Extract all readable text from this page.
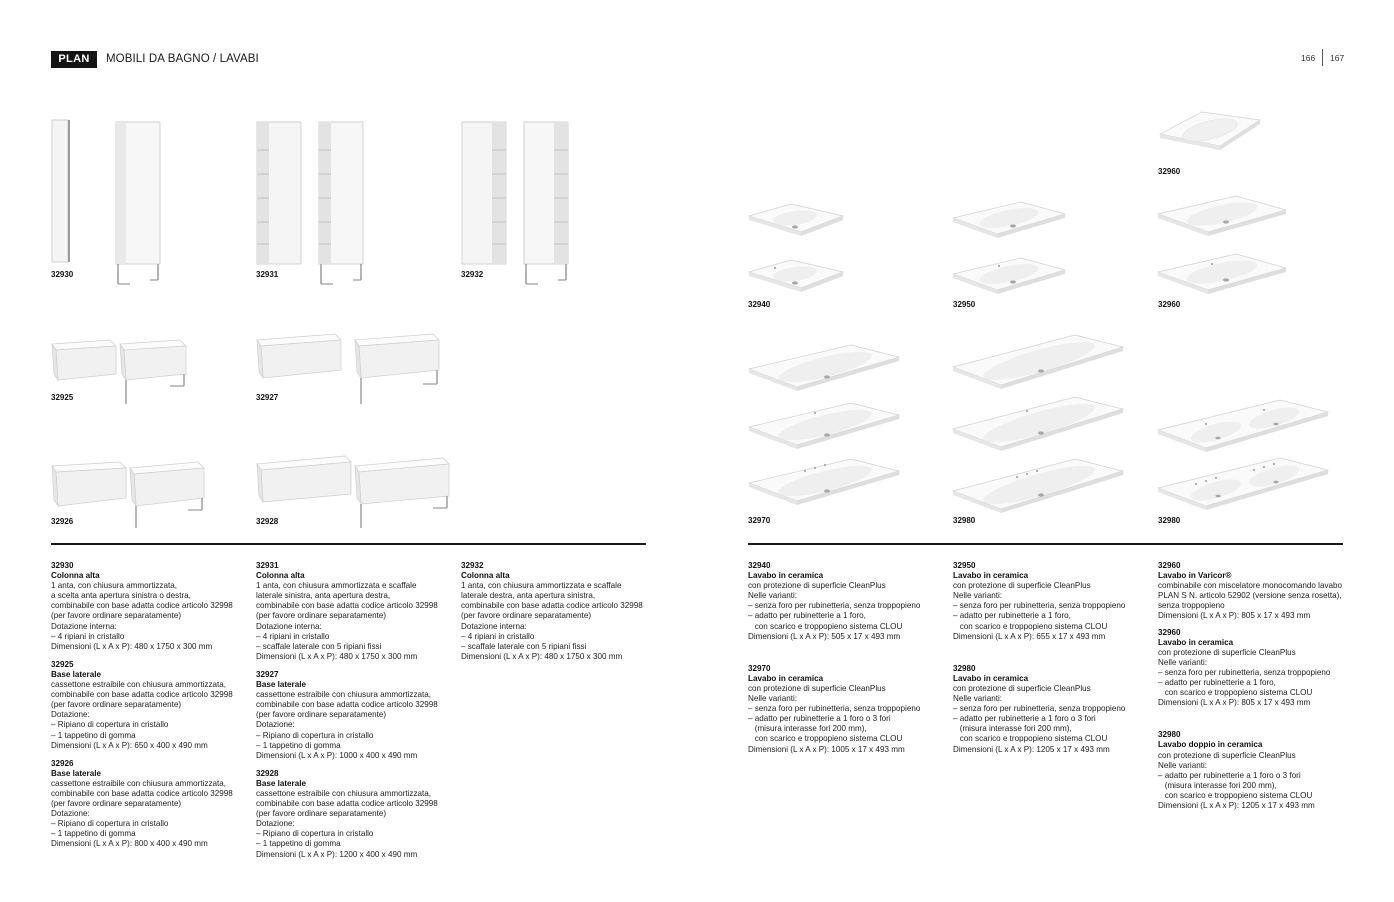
PLAN	MOBILI DA BAGNO / LAVABI	166 167
32930	32931	32932
32925	32927
32926	32928
32960
32940	32950	32960
32970	32980	32980
32930
Colonna alta
1 anta, con chiusura ammortizzata,
a scelta anta apertura sinistra o destra,
combinabile con base adatta codice articolo 32998
(per favore ordinare separatamente)
Dotazione interna:
– 4 ripiani in cristallo
Dimensioni (L x A x P): 480 x 1750 x 300 mm
32925
Base laterale
cassettone estraibile con chiusura ammortizzata,
combinabile con base adatta codice articolo 32998
(per favore ordinare separatamente)
Dotazione:
– Ripiano di copertura in cristallo
– 1 tappetino di gomma
Dimensioni (L x A x P): 650 x 400 x 490 mm
32926
Base laterale
cassettone estraibile con chiusura ammortizzata,
combinabile con base adatta codice articolo 32998
(per favore ordinare separatamente)
Dotazione:
– Ripiano di copertura in cristallo
– 1 tappetino di gomma
Dimensioni (L x A x P): 800 x 400 x 490 mm
32931
Colonna alta
1 anta, con chiusura ammortizzata e scaffale
laterale sinistra, anta apertura destra,
combinabile con base adatta codice articolo 32998
(per favore ordinare separatamente)
Dotazione interna:
– 4 ripiani in cristallo
– scaffale laterale con 5 ripiani fissi
Dimensioni (L x A x P): 480 x 1750 x 300 mm
32927
Base laterale
cassettone estraibile con chiusura ammortizzata,
combinabile con base adatta codice articolo 32998
(per favore ordinare separatamente)
Dotazione:
– Ripiano di copertura in cristallo
– 1 tappetino di gomma
Dimensioni (L x A x P): 1000 x 400 x 490 mm
32928
Base laterale
cassettone estraibile con chiusura ammortizzata,
combinabile con base adatta codice articolo 32998
(per favore ordinare separatamente)
Dotazione:
– Ripiano di copertura in cristallo
– 1 tappetino di gomma
Dimensioni (L x A x P): 1200 x 400 x 490 mm
32932
Colonna alta
1 anta, con chiusura ammortizzata e scaffale
laterale destra, anta apertura sinistra,
combinabile con base adatta codice articolo 32998
(per favore ordinare separatamente)
Dotazione interna:
– 4 ripiani in cristallo
– scaffale laterale con 5 ripiani fissi
Dimensioni (L x A x P): 480 x 1750 x 300 mm
32940
Lavabo in ceramica
con protezione di superficie CleanPlus
Nelle varianti:
– senza foro per rubinetteria, senza troppopieno
– adatto per rubinetterie a 1 foro,
con scarico e troppopieno sistema CLOU
Dimensioni (L x A x P): 505 x 17 x 493 mm
32970
Lavabo in ceramica
con protezione di superficie CleanPlus
Nelle varianti:
– senza foro per rubinetteria, senza troppopieno
– adatto per rubinetterie a 1 foro o 3 fori
(misura interasse fori 200 mm),
con scarico e troppopieno sistema CLOU
Dimensioni (L x A x P): 1005 x 17 x 493 mm
32950
Lavabo in ceramica
con protezione di superficie CleanPlus
Nelle varianti:
– senza foro per rubinetteria, senza troppopieno
– adatto per rubinetterie a 1 foro,
con scarico e troppopieno sistema CLOU
Dimensioni (L x A x P): 655 x 17 x 493 mm
32980
Lavabo in ceramica
con protezione di superficie CleanPlus
Nelle varianti:
– senza foro per rubinetteria, senza troppopieno
– adatto per rubinetterie a 1 foro o 3 fori
(misura interasse fori 200 mm),
con scarico e troppopieno sistema CLOU
Dimensioni (L x A x P): 1205 x 17 x 493 mm
32960
Lavabo in Varicor®
combinabile con miscelatore monocomando lavabo
PLAN S N. articolo 52902 (versione senza rosetta),
senza troppopieno
Dimensioni (L x A x P): 805 x 17 x 493 mm
32960
Lavabo in ceramica
con protezione di superficie CleanPlus
Nelle varianti:
– senza foro per rubinetteria, senza troppopieno
– adatto per rubinetterie a 1 foro,
con scarico e troppopieno sistema CLOU
Dimensioni (L x A x P): 805 x 17 x 493 mm
32980
Lavabo doppio in ceramica
con protezione di superficie CleanPlus
Nelle varianti:
– adatto per rubinetterie a 1 foro o 3 fori
(misura interasse fori 200 mm),
con scarico e troppopieno sistema CLOU
Dimensioni (L x A x P): 1205 x 17 x 493 mm
